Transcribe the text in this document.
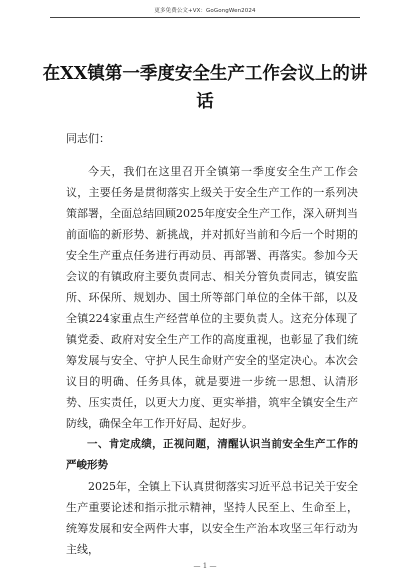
更多免费公文+VX：GoGongWen2024
在XX镇第一季度安全生产工作会议上的讲话

同志们：

今天，我们在这里召开全镇第一季度安全生产工作会议，主要任务是贯彻落实上级关于安全生产工作的一系列决策部署，全面总结回顾2025年度安全生产工作，深入研判当前面临的新形势、新挑战，并对抓好当前和今后一个时期的安全生产重点任务进行再动员、再部署、再落实。参加今天会议的有镇政府主要负责同志、相关分管负责同志，镇安监所、环保所、规划办、国土所等部门单位的全体干部，以及全镇224家重点生产经营单位的主要负责人。这充分体现了镇党委、政府对安全生产工作的高度重视，也彰显了我们统筹发展与安全、守护人民生命财产安全的坚定决心。本次会议目的明确、任务具体，就是要进一步统一思想、认清形势、压实责任，以更大力度、更实举措，筑牢全镇安全生产防线，确保全年工作开好局、起好步。

一、肯定成绩，正视问题，清醒认识当前安全生产工作的严峻形势

2025年，全镇上下认真贯彻落实习近平总书记关于安全生产重要论述和指示批示精神，坚持人民至上、生命至上，统筹发展和安全两件大事，以安全生产治本攻坚三年行动为主线，

— 1 —
